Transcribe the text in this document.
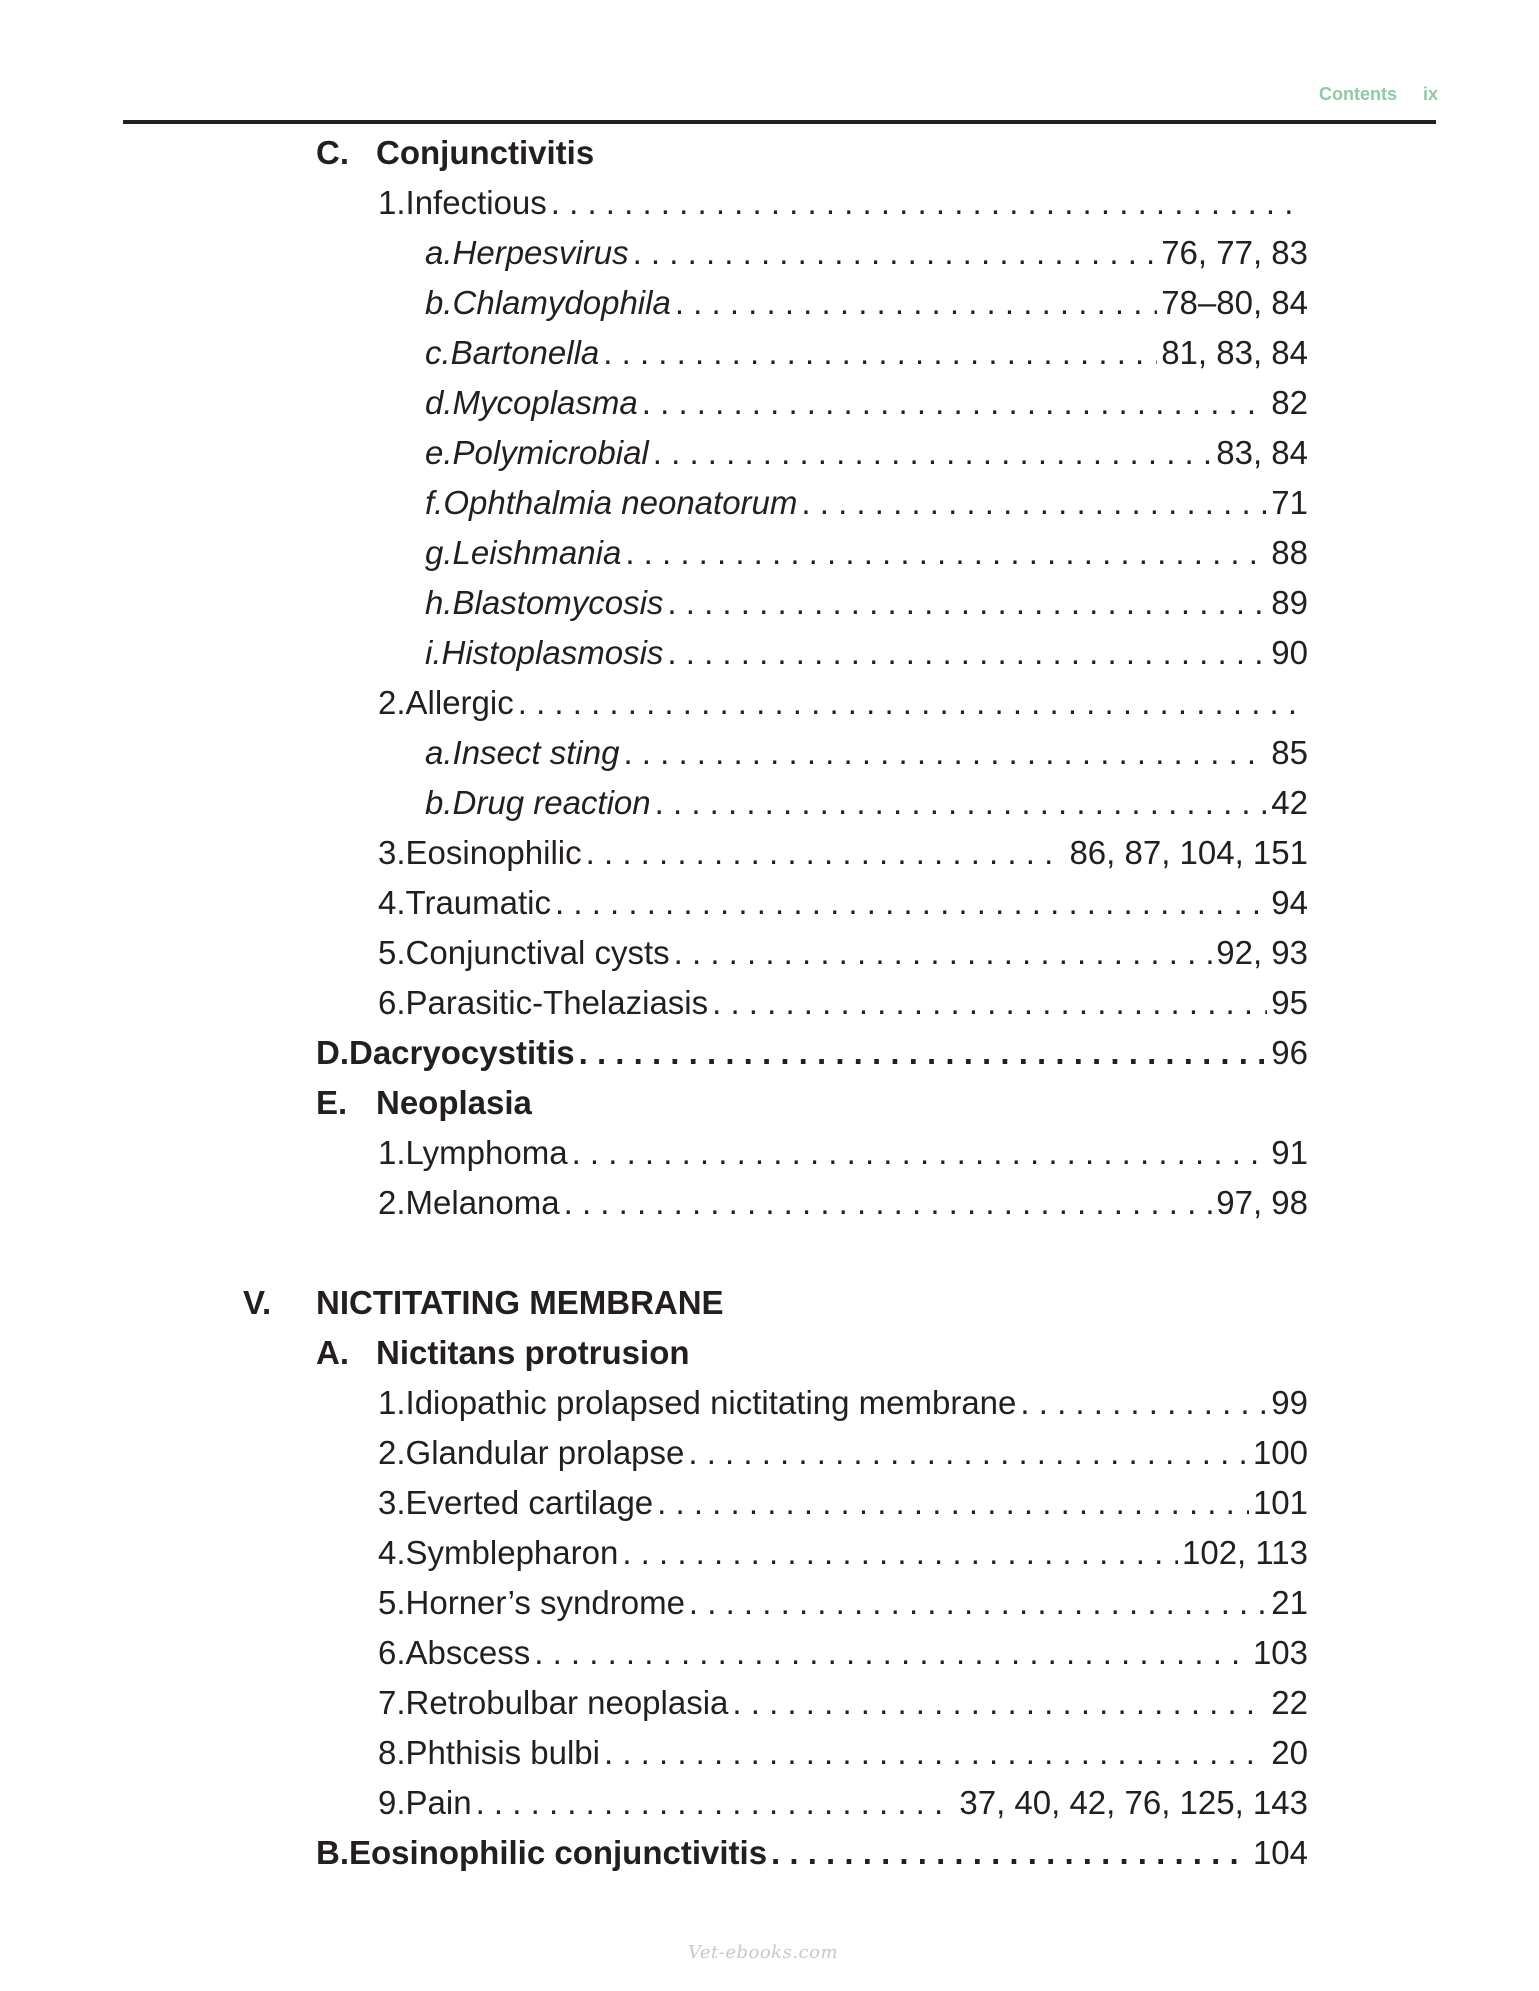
Contents ix
C. Conjunctivitis
1. Infectious
. . .
a. Herpesvirus . . .	76, 77, 83
b. Chlamydophila . . .	78–80, 84
c. Bartonella . . .	81, 83, 84
d. Mycoplasma . . .	82
e. Polymicrobial . . .	83, 84
f. Ophthalmia neonatorum . . .	71
g. Leishmania . . .	88
h. Blastomycosis . . .	89
i. Histoplasmosis . . .	90
2. Allergic
. . .
a. Insect sting . . .	85
b. Drug reaction . . .	42
3. Eosinophilic . . .	86, 87, 104, 151
4. Traumatic . . .	94
5. Conjunctival cysts . . .	92, 93
6. Parasitic-Thelaziasis . . .	95
D. Dacryocystitis . . .	96
E. Neoplasia
1. Lymphoma . . .	91
2. Melanoma . . .	97, 98
V. NICTITATING MEMBRANE
A. Nictitans protrusion
1. Idiopathic prolapsed nictitating membrane . . .	99
2. Glandular prolapse . . .	100
3. Everted cartilage . . .	101
4. Symblepharon . . .	102, 113
5. Horner’s syndrome . . .	21
6. Abscess . . .	103
7. Retrobulbar neoplasia . . .	22
8. Phthisis bulbi . . .	20
9. Pain . . .	37, 40, 42, 76, 125, 143
B. Eosinophilic conjunctivitis . . .	104
Vet-ebooks.com
